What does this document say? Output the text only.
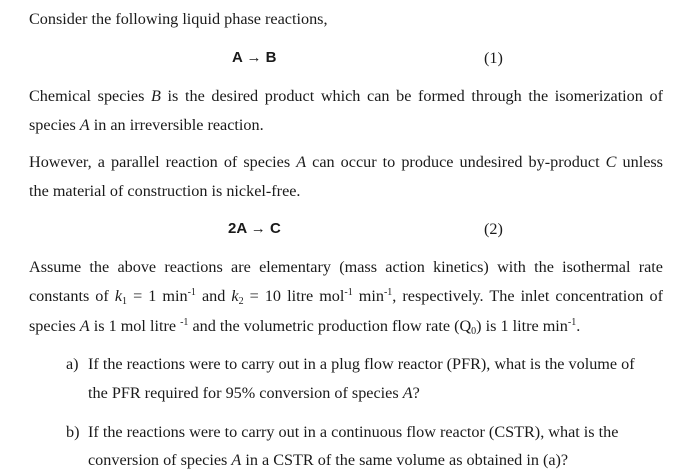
Consider the following liquid phase reactions,
A → B	(1)
Chemical species B is the desired product which can be formed through the isomerization of
species A in an irreversible reaction.
However, a parallel reaction of species A can occur to produce undesired by-product C unless
the material of construction is nickel-free.
2A → C	(2)
Assume the above reactions are elementary (mass action kinetics) with the isothermal rate
constants of $k_1 = 1$ $\min^{-1}$ and $k_2 = 10$ litre mol$^{-1}$ $\min^{-1}$, respectively. The inlet concentration of
species A is 1 mol litre $^{-1}$ and the volumetric production flow rate $(Q_0)$ is 1 litre $\min^{-1}$.
a) If the reactions were to carry out in a plug flow reactor (PFR), what is the volume of
the PFR required for 95% conversion of species A?
b) If the reactions were to carry out in a continuous flow reactor (CSTR), what is the
conversion of species A in a CSTR of the same volume as obtained in (a)?
